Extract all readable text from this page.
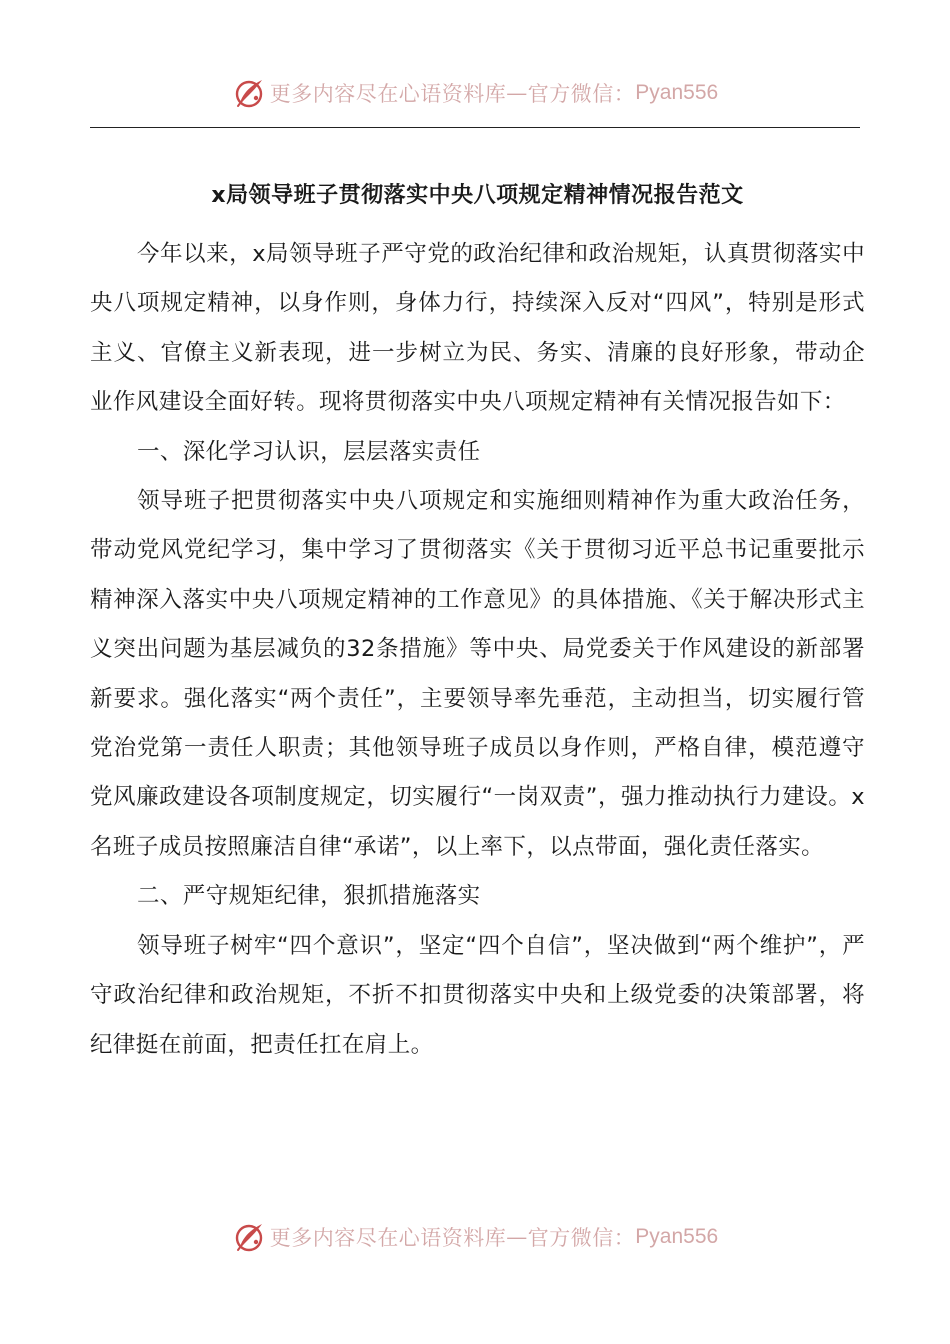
更多内容尽在心语资料库 — 官方微信： Pyan556
x局领导班子贯彻落实中央八项规定精神情况报告范文

今年以来，x局领导班子严守党的政治纪律和政治规矩，认真贯彻落实中央八项规定精神，以身作则，身体力行，持续深入反对“四风”，特别是形式主义、官僚主义新表现，进一步树立为民、务实、清廉的良好形象，带动企业作风建设全面好转。现将贯彻落实中央八项规定精神有关情况报告如下：

一、深化学习认识，层层落实责任

领导班子把贯彻落实中央八项规定和实施细则精神作为重大政治任务，带动党风党纪学习，集中学习了贯彻落实《关于贯彻习近平总书记重要批示精神深入落实中央八项规定精神的工作意见》的具体措施、《关于解决形式主义突出问题为基层减负的32条措施》等中央、局党委关于作风建设的新部署新要求。强化落实“两个责任”，主要领导率先垂范，主动担当，切实履行管党治党第一责任人职责；其他领导班子成员以身作则，严格自律，模范遵守党风廉政建设各项制度规定，切实履行“一岗双责”，强力推动执行力建设。x名班子成员按照廉洁自律“承诺”，以上率下，以点带面，强化责任落实。

二、严守规矩纪律，狠抓措施落实

领导班子树牢“四个意识”，坚定“四个自信”，坚决做到“两个维护”，严守政治纪律和政治规矩，不折不扣贯彻落实中央和上级党委的决策部署，将纪律挺在前面，把责任扛在肩上。

更多内容尽在心语资料库 — 官方微信： Pyan556
